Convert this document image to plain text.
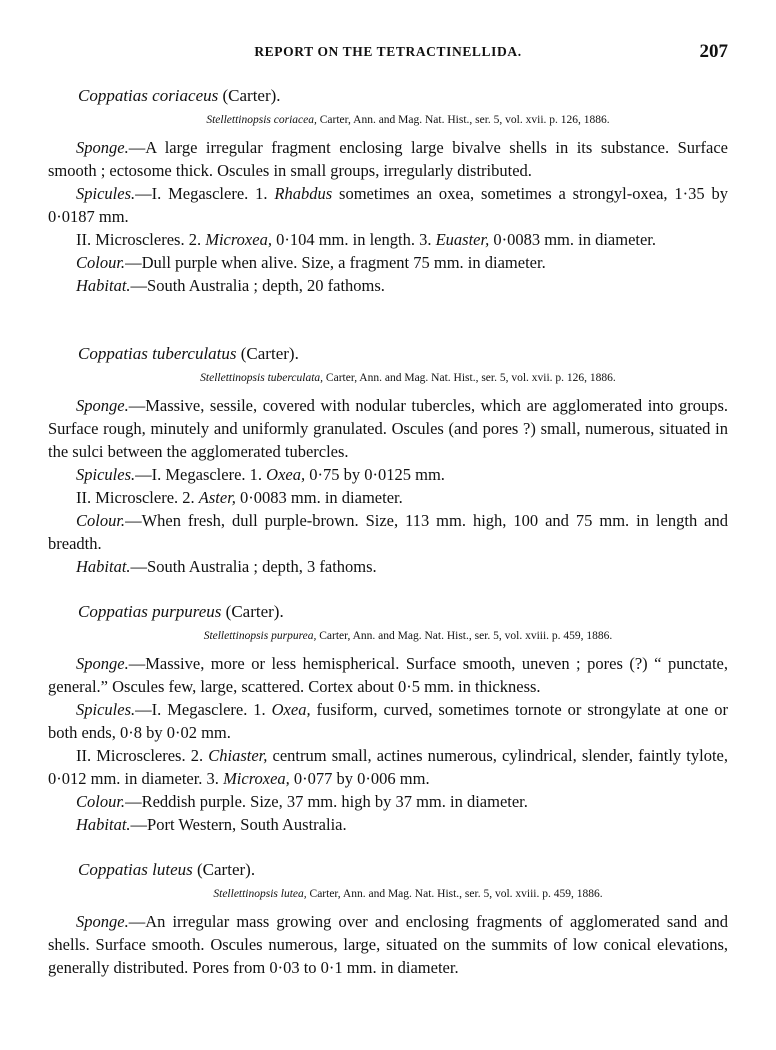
REPORT ON THE TETRACTINELLIDA.	207
Coppatias coriaceus (Carter).
Stellettinopsis coriacea, Carter, Ann. and Mag. Nat. Hist., ser. 5, vol. xvii. p. 126, 1886.

Sponge.—A large irregular fragment enclosing large bivalve shells in its substance. Surface smooth ; ectosome thick. Oscules in small groups, irregularly distributed.

Spicules.—I. Megasclere. 1. Rhabdus sometimes an oxea, sometimes a strongyl-oxea, 1·35 by 0·0187 mm.

II. Microscleres. 2. Microxea, 0·104 mm. in length. 3. Euaster, 0·0083 mm. in diameter.

Colour.—Dull purple when alive. Size, a fragment 75 mm. in diameter.

Habitat.—South Australia ; depth, 20 fathoms.

Coppatias tuberculatus (Carter).
Stellettinopsis tuberculata, Carter, Ann. and Mag. Nat. Hist., ser. 5, vol. xvii. p. 126, 1886.

Sponge.—Massive, sessile, covered with nodular tubercles, which are agglomerated into groups. Surface rough, minutely and uniformly granulated. Oscules (and pores ?) small, numerous, situated in the sulci between the agglomerated tubercles.

Spicules.—I. Megasclere. 1. Oxea, 0·75 by 0·0125 mm.

II. Microsclere. 2. Aster, 0·0083 mm. in diameter.

Colour.—When fresh, dull purple-brown. Size, 113 mm. high, 100 and 75 mm. in length and breadth.

Habitat.—South Australia ; depth, 3 fathoms.

Coppatias purpureus (Carter).
Stellettinopsis purpurea, Carter, Ann. and Mag. Nat. Hist., ser. 5, vol. xviii. p. 459, 1886.

Sponge.—Massive, more or less hemispherical. Surface smooth, uneven ; pores (?) “ punctate, general.” Oscules few, large, scattered. Cortex about 0·5 mm. in thickness.

Spicules.—I. Megasclere. 1. Oxea, fusiform, curved, sometimes tornote or strongylate at one or both ends, 0·8 by 0·02 mm.

II. Microscleres. 2. Chiaster, centrum small, actines numerous, cylindrical, slender, faintly tylote, 0·012 mm. in diameter. 3. Microxea, 0·077 by 0·006 mm.

Colour.—Reddish purple. Size, 37 mm. high by 37 mm. in diameter.

Habitat.—Port Western, South Australia.

Coppatias luteus (Carter).
Stellettinopsis lutea, Carter, Ann. and Mag. Nat. Hist., ser. 5, vol. xviii. p. 459, 1886.

Sponge.—An irregular mass growing over and enclosing fragments of agglomerated sand and shells. Surface smooth. Oscules numerous, large, situated on the summits of low conical elevations, generally distributed. Pores from 0·03 to 0·1 mm. in diameter.
